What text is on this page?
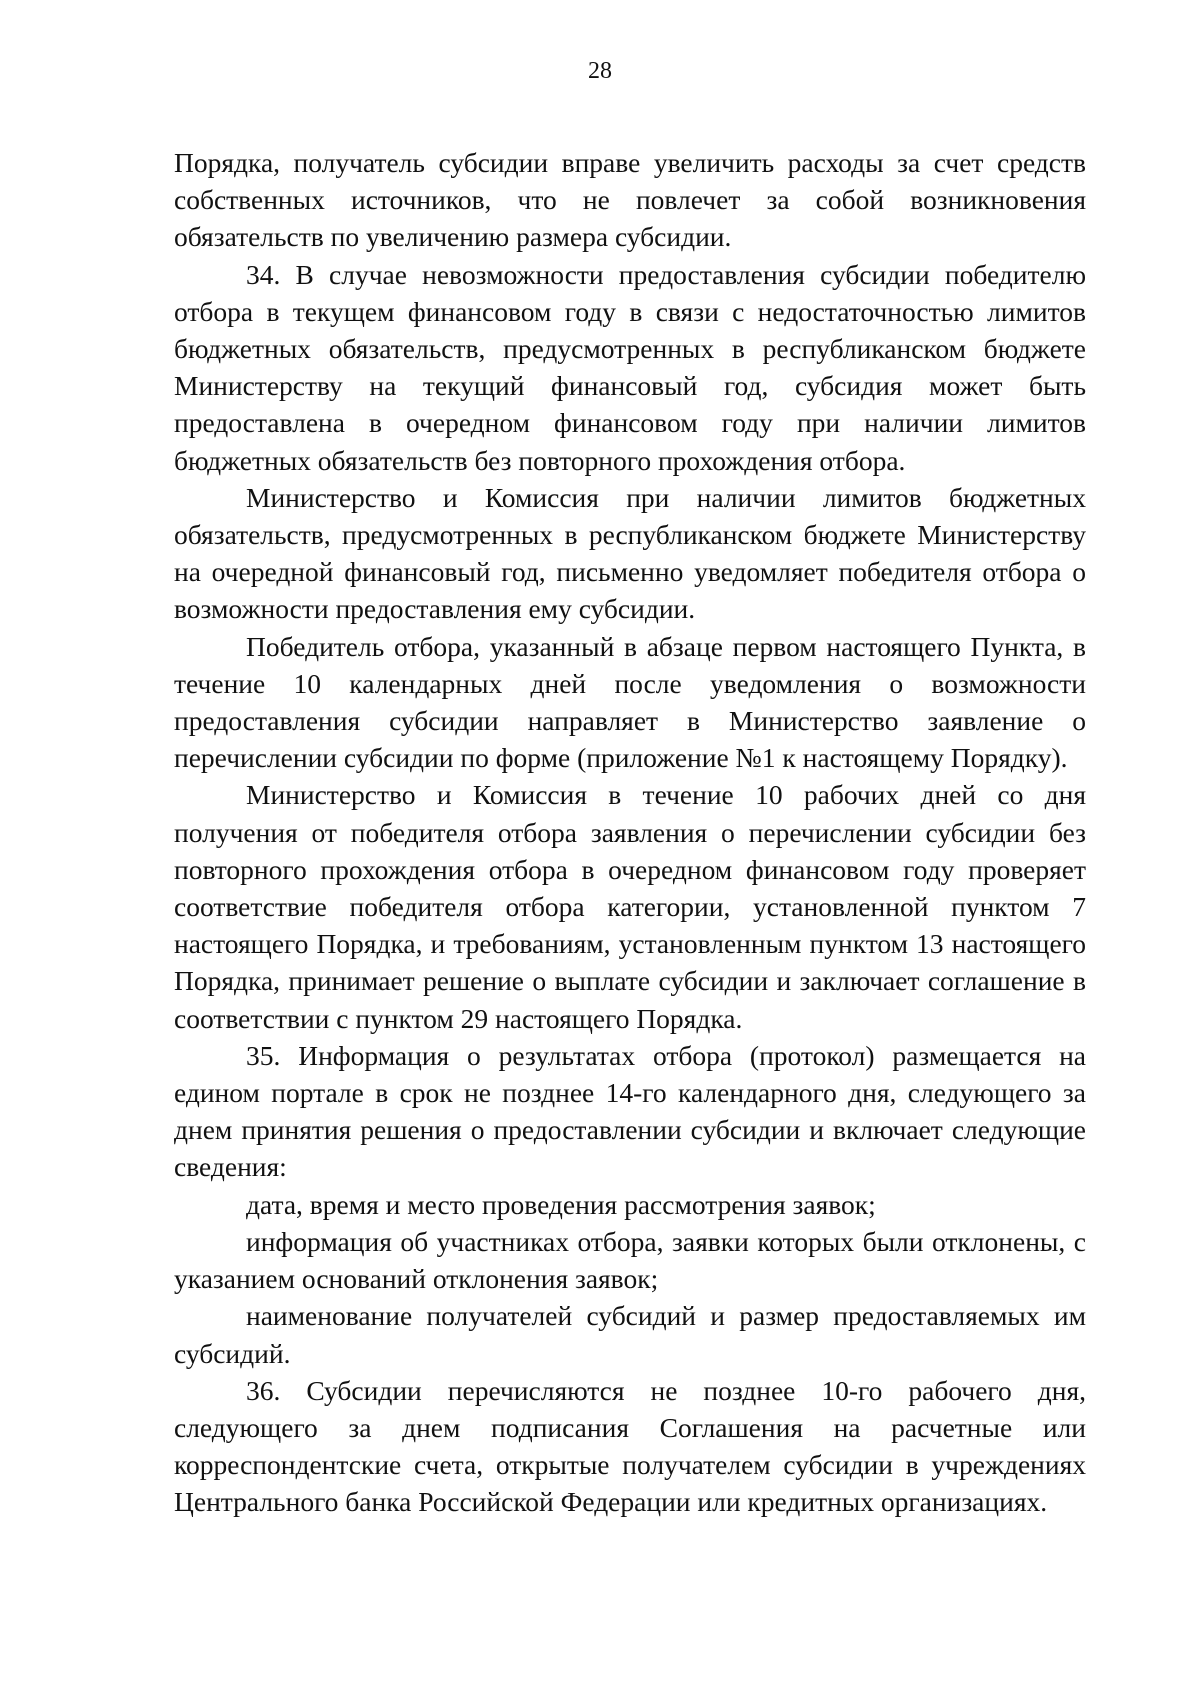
28

Порядка, получатель субсидии вправе увеличить расходы за счет средств собственных источников, что не повлечет за собой возникновения обязательств по увеличению размера субсидии.

34. В случае невозможности предоставления субсидии победителю отбора в текущем финансовом году в связи с недостаточностью лимитов бюджетных обязательств, предусмотренных в республиканском бюджете Министерству на текущий финансовый год, субсидия может быть предоставлена в очередном финансовом году при наличии лимитов бюджетных обязательств без повторного прохождения отбора.

Министерство и Комиссия при наличии лимитов бюджетных обязательств, предусмотренных в республиканском бюджете Министерству на очередной финансовый год, письменно уведомляет победителя отбора о возможности предоставления ему субсидии.

Победитель отбора, указанный в абзаце первом настоящего Пункта, в течение 10 календарных дней после уведомления о возможности предоставления субсидии направляет в Министерство заявление о перечислении субсидии по форме (приложение №1 к настоящему Порядку).

Министерство и Комиссия в течение 10 рабочих дней со дня получения от победителя отбора заявления о перечислении субсидии без повторного прохождения отбора в очередном финансовом году проверяет соответствие победителя отбора категории, установленной пунктом 7 настоящего Порядка, и требованиям, установленным пунктом 13 настоящего Порядка, принимает решение о выплате субсидии и заключает соглашение в соответствии с пунктом 29 настоящего Порядка.

35. Информация о результатах отбора (протокол) размещается на едином портале в срок не позднее 14-го календарного дня, следующего за днем принятия решения о предоставлении субсидии и включает следующие сведения:

дата, время и место проведения рассмотрения заявок;

информация об участниках отбора, заявки которых были отклонены, с указанием оснований отклонения заявок;

наименование получателей субсидий и размер предоставляемых им субсидий.

36. Субсидии перечисляются не позднее 10-го рабочего дня, следующего за днем подписания Соглашения на расчетные или корреспондентские счета, открытые получателем субсидии в учреждениях Центрального банка Российской Федерации или кредитных организациях.
